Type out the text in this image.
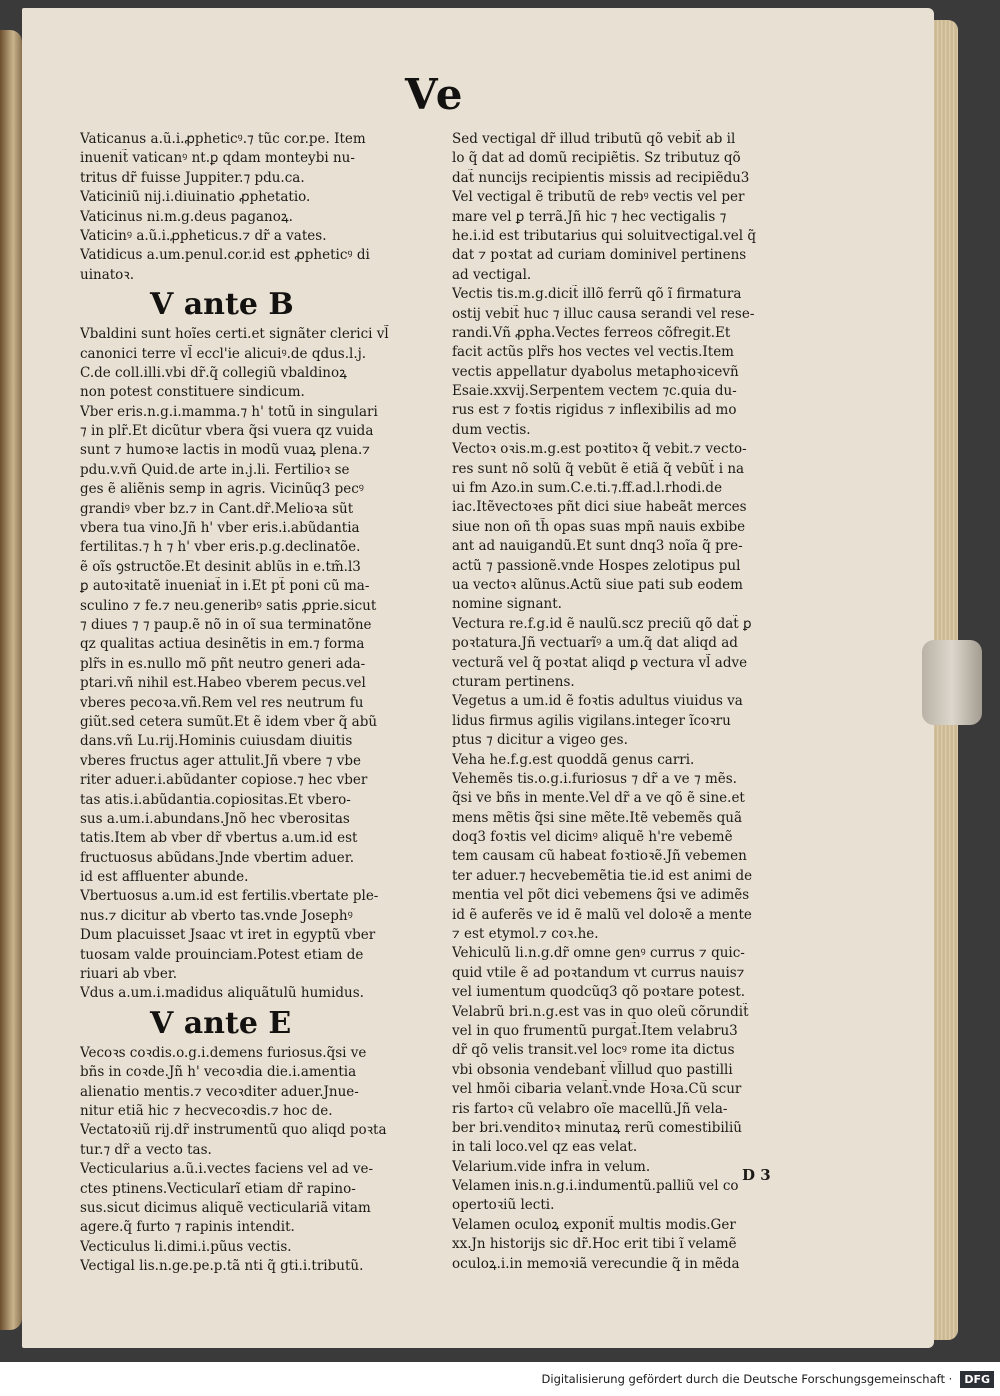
Ve
Vaticanus a.ũ.i.ꝓpheticꝰ.⁊ tũc cor.pe. Item
inuenit̃ vaticanꝰ nt.ꝑ qdam monteybi nu-
tritus dr̃ fuisse Juppiter.⁊ pdu.ca.
Vaticiniũ nij.i.diuinatio ꝓphetatio.
Vaticinus ni.m.g.deus paganoꝝ.
Vaticinꝰ a.ũ.i.ꝓpheticus.⁊ dr̃ a vates.
Vatidicus a.um.penul.cor.id est ꝓpheticꝰ di
uinatoꝛ.
V ante B
Vbaldini sunt hoĩes certi.et signãter clerici vl̃
canonici terre vl̃ eccl'ie alicuiꝰ.de qdus.l.j.
C.de coll.illi.vbi dr̃.q̃ collegiũ vbaldinoꝝ
non potest constituere sindicum.
Vber eris.n.g.i.mamma.⁊ h' totũ in singulari
⁊ in plr̃.Et dicũtur vbera q̃si vuera qz vuida
sunt ⁊ humoꝛe lactis in modũ vuaꝝ plena.⁊
pdu.v.vñ Quid.de arte in.j.li. Fertilioꝛ se
ges ẽ aliẽnis semp in agris. Vicinũq3 pecꝰ
grandiꝰ vber bz.⁊ in Cant.dr̃.Melioꝛa sũt
vbera tua vino.Jñ h' vber eris.i.abũdantia
fertilitas.⁊ h ⁊ h' vber eris.p.g.declinatõe.
ẽ oĩs ꝯstructõe.Et desinit ablũs in e.tm̃.l3
ꝑ autoꝛitatẽ inueniat̃ in i.Et pt̃ poni cũ ma-
sculino ⁊ fe.⁊ neu.generibꝰ satis ꝓprie.sicut
⁊ diues ⁊ ⁊ paup.ẽ nõ in oĩ sua terminatõne
qz qualitas actiua desinẽtis in em.⁊ forma
plr̃s in es.nullo mõ pñt neutro generi ada-
ptari.vñ nihil est.Habeo vberem pecus.vel
vberes pecoꝛa.vñ.Rem vel res neutrum fu
giũt.sed cetera sumũt.Et ẽ idem vber q̃ abũ
dans.vñ Lu.rij.Hominis cuiusdam diuitis
vberes fructus ager attulit.Jñ vbere ⁊ vbe
riter aduer.i.abũdanter copiose.⁊ hec vber
tas atis.i.abũdantia.copiositas.Et vbero-
sus a.um.i.abundans.Jnõ hec vberositas
tatis.Item ab vber dr̃ vbertus a.um.id est
fructuosus abũdans.Jnde vbertim aduer.
id est affluenter abunde.
Vbertuosus a.um.id est fertilis.vbertate ple-
nus.⁊ dicitur ab vberto tas.vnde Josephꝰ
Dum placuisset Jsaac vt iret in egyptũ vber
tuosam valde prouinciam.Potest etiam de
riuari ab vber.
Vdus a.um.i.madidus aliquãtulũ humidus.
V ante E
Vecoꝛs coꝛdis.o.g.i.demens furiosus.q̃si ve
bñs in coꝛde.Jñ h' vecoꝛdia die.i.amentia
alienatio mentis.⁊ vecoꝛditer aduer.Jnue-
nitur etiã hic ⁊ hecvecoꝛdis.⁊ hoc de.
Vectatoꝛiũ rij.dr̃ instrumentũ quo aliqd poꝛta
tur.⁊ dr̃ a vecto tas.
Vecticularius a.ũ.i.vectes faciens vel ad ve-
ctes ptinens.Vecticularĩ etiam dr̃ rapino-
sus.sicut dicimus aliquẽ vecticulariã vitam
agere.q̃ furto ⁊ rapinis intendit.
Vecticulus li.dimi.i.pũus vectis.
Vectigal lis.n.ge.pe.p.tã nti q̃ gti.i.tributũ.
Sed vectigal dr̃ illud tributũ qõ vebit̃ ab il
lo q̃ dat ad domũ recipiẽtis. Sz tributuz qõ
dat̃ nuncijs recipientis missis ad recipiẽdu3
Vel vectigal ẽ tributũ de rebꝰ vectis vel per
mare vel ꝑ terrã.Jñ hic ⁊ hec vectigalis ⁊
he.i.id est tributarius qui soluitvectigal.vel q̃
dat ⁊ poꝛtat ad curiam dominivel pertinens
ad vectigal.
Vectis tis.m.g.dicit̃ illõ ferrũ qõ ĩ firmatura
ostij vebit̃ huc ⁊ illuc causa serandi vel rese-
randi.Vñ ꝓpha.Vectes ferreos cõfregit.Et
facit actũs plr̃s hos vectes vel vectis.Item
vectis appellatur dyabolus metaphoꝛicevñ
Esaie.xxvij.Serpentem vectem ⁊c.quia du-
rus est ⁊ foꝛtis rigidus ⁊ inflexibilis ad mo
dum vectis.
Vectoꝛ oꝛis.m.g.est poꝛtitoꝛ q̃ vebit.⁊ vecto-
res sunt nõ solũ q̃ vebũt ẽ etiã q̃ vebũt̃ i na
ui fm Azo.in sum.C.e.ti.⁊.ff.ad.l.rhodi.de
iac.Itẽvectoꝛes pñt dici siue habeãt merces
siue non oñ th̃ opas suas mpñ nauis exbibe
ant ad nauigandũ.Et sunt dnq3 noĩa q̃ pre-
actũ ⁊ passionẽ.vnde Hospes zelotipus pul
ua vectoꝛ alũnus.Actũ siue pati sub eodem
nomine signant.
Vectura re.f.g.id ẽ naulũ.scz preciũ qõ dat̃ ꝑ
poꝛtatura.Jñ vectuarĩꝰ a um.q̃ dat aliqd ad
vecturã vel q̃ poꝛtat aliqd ꝑ vectura vl̃ adve
cturam pertinens.
Vegetus a um.id ẽ foꝛtis adultus viuidus va
lidus firmus agilis vigilans.integer ĩcoꝛru
ptus ⁊ dicitur a vigeo ges.
Veha he.f.g.est quoddã genus carri.
Vehemẽs tis.o.g.i.furiosus ⁊ dr̃ a ve ⁊ mẽs.
q̃si ve bñs in mente.Vel dr̃ a ve qõ ẽ sine.et
mens mẽtis q̃si sine mẽte.Itẽ vebemẽs quã
doq3 foꝛtis vel dicimꝰ aliquẽ h're vebemẽ
tem causam cũ habeat foꝛtioꝛẽ.Jñ vebemen
ter aduer.⁊ hecvebemẽtia tie.id est animi de
mentia vel põt dici vebemens q̃si ve adimẽs
id ẽ auferẽs ve id ẽ malũ vel doloꝛẽ a mente
⁊ est etymol.⁊ coꝛ.he.
Vehiculũ li.n.g.dr̃ omne genꝰ currus ⁊ quic-
quid vtile ẽ ad poꝛtandum vt currus nauis⁊
vel iumentum quodcũq3 qõ poꝛtare potest.
Velabrũ bri.n.g.est vas in quo oleũ cõrundit̃
vel in quo frumentũ purgat̃.Item velabru3
dr̃ qõ velis transit.vel locꝰ rome ita dictus
vbi obsonia vendebant̃ vl̃illud quo pastilli
vel hmõi cibaria velant̃.vnde Hoꝛa.Cũ scur
ris fartoꝛ cũ velabro oĩe macellũ.Jñ vela-
ber bri.venditoꝛ minutaꝝ rerũ comestibiliũ
in tali loco.vel qz eas velat.
Velarium.vide infra in velum.
Velamen inis.n.g.i.indumentũ.palliũ vel co
opertoꝛiũ lecti.
Velamen oculoꝝ exponit̃ multis modis.Ger
xx.Jn historijs sic dr̃.Hoc erit tibi ĩ velamẽ
oculoꝝ.i.in memoꝛiã verecundie q̃ in mẽda
D 3
Digitalisierung gefördert durch die Deutsche Forschungsgemeinschaft ·	DFG
